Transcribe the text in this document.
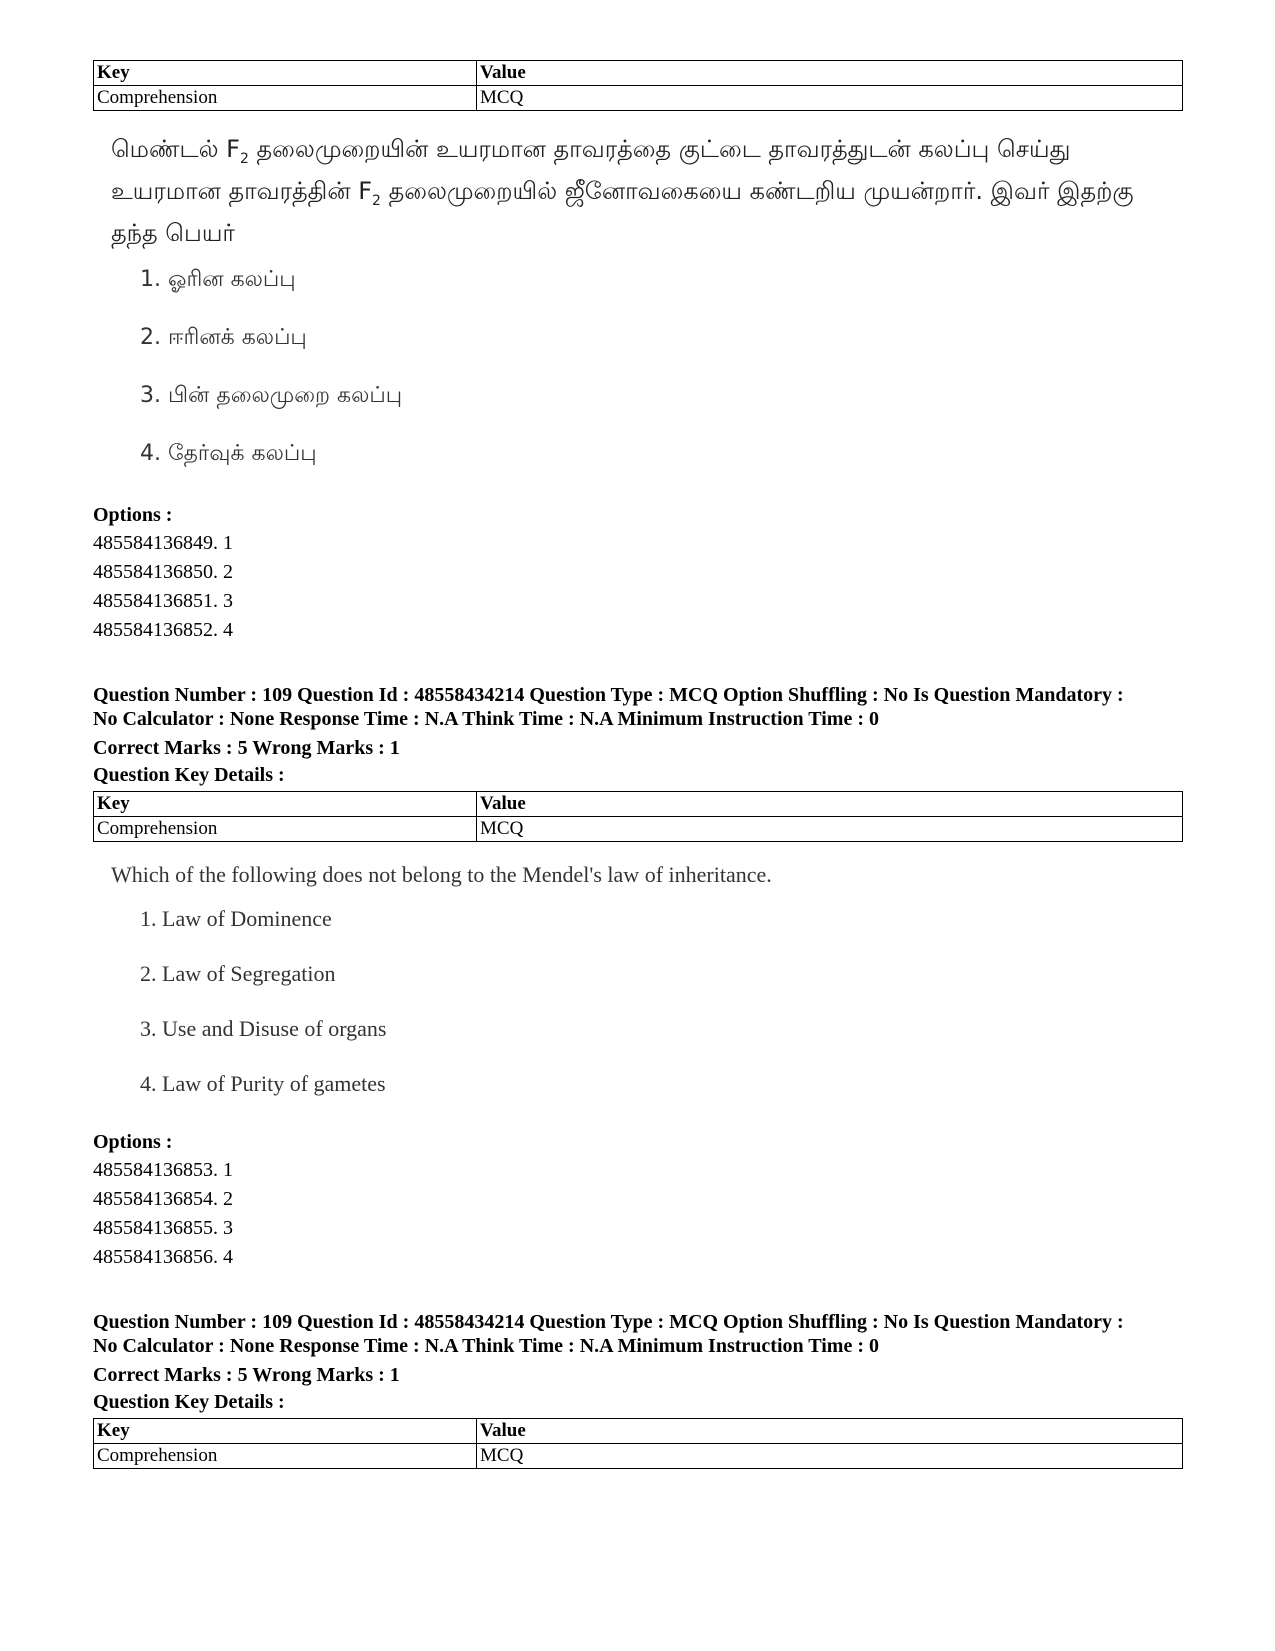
Key	Value
Comprehension	MCQ
மெண்டல் $F_2$ தலைமுறையின் உயரமான தாவரத்தை குட்டை தாவரத்துடன் கலப்பு செய்து உயரமான தாவரத்தின் $F_2$ தலைமுறையில் ஜீனோவகையை கண்டறிய முயன்றார். இவர் இதற்கு தந்த பெயர்
1. ஓரின கலப்பு
2. ஈரினக் கலப்பு
3. பின் தலைமுறை கலப்பு
4. தேர்வுக் கலப்பு
Options :
485584136849. 1
485584136850. 2
485584136851. 3
485584136852. 4
Question Number : 109 Question Id : 48558434214 Question Type : MCQ Option Shuffling : No Is Question Mandatory :
No Calculator : None Response Time : N.A Think Time : N.A Minimum Instruction Time : 0
Correct Marks : 5 Wrong Marks : 1
Question Key Details :
Key	Value
Comprehension	MCQ
Which of the following does not belong to the Mendel's law of inheritance.
1. Law of Dominence
2. Law of Segregation
3. Use and Disuse of organs
4. Law of Purity of gametes
Options :
485584136853. 1
485584136854. 2
485584136855. 3
485584136856. 4
Question Number : 109 Question Id : 48558434214 Question Type : MCQ Option Shuffling : No Is Question Mandatory :
No Calculator : None Response Time : N.A Think Time : N.A Minimum Instruction Time : 0
Correct Marks : 5 Wrong Marks : 1
Question Key Details :
Key	Value
Comprehension	MCQ
